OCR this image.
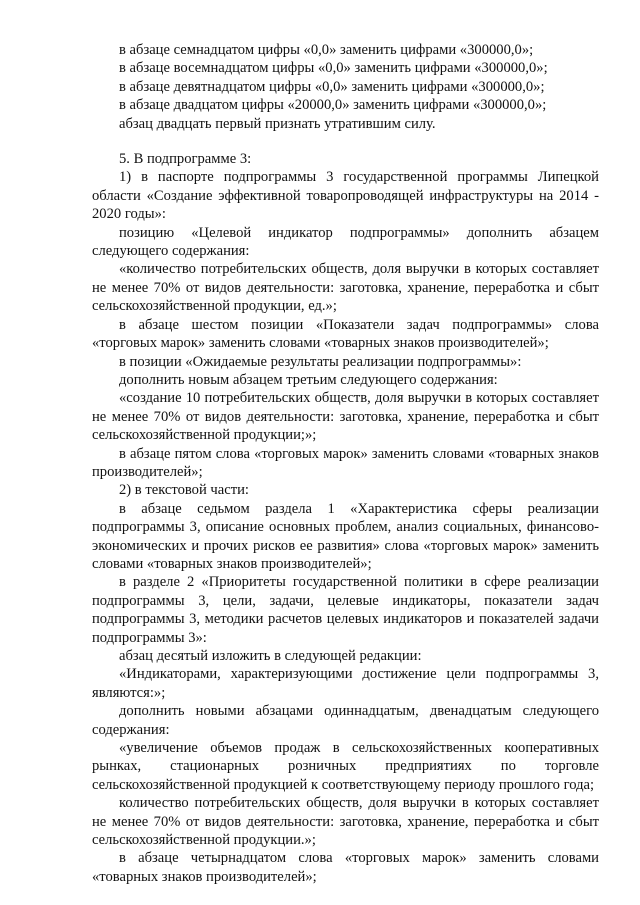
в абзаце семнадцатом цифры «0,0» заменить цифрами «300000,0»;

в абзаце восемнадцатом цифры «0,0» заменить цифрами «300000,0»;

в абзаце девятнадцатом цифры «0,0» заменить цифрами «300000,0»;

в абзаце двадцатом цифры «20000,0» заменить цифрами «300000,0»;

абзац двадцать первый признать утратившим силу.

5. В подпрограмме 3:

1) в паспорте подпрограммы 3 государственной программы Липецкой области «Создание эффективной товаропроводящей инфраструктуры на 2014 - 2020 годы»:

позицию «Целевой индикатор подпрограммы» дополнить абзацем следующего содержания:

«количество потребительских обществ, доля выручки в которых составляет не менее 70% от видов деятельности: заготовка, хранение, переработка и сбыт сельскохозяйственной продукции, ед.»;

в абзаце шестом позиции «Показатели задач подпрограммы» слова «торговых марок» заменить словами «товарных знаков производителей»;

в позиции «Ожидаемые результаты реализации подпрограммы»:

дополнить новым абзацем третьим следующего содержания:

«создание 10 потребительских обществ, доля выручки в которых составляет не менее 70% от видов деятельности: заготовка, хранение, переработка и сбыт сельскохозяйственной продукции;»;

в абзаце пятом слова «торговых марок» заменить словами «товарных знаков производителей»;

2) в текстовой части:

в абзаце седьмом раздела 1 «Характеристика сферы реализации подпрограммы 3, описание основных проблем, анализ социальных, финансово-экономических и прочих рисков ее развития» слова «торговых марок» заменить словами «товарных знаков производителей»;

в разделе 2 «Приоритеты государственной политики в сфере реализации подпрограммы 3, цели, задачи, целевые индикаторы, показатели задач подпрограммы 3, методики расчетов целевых индикаторов и показателей задачи подпрограммы 3»:

абзац десятый изложить в следующей редакции:

«Индикаторами, характеризующими достижение цели подпрограммы 3, являются:»;

дополнить новыми абзацами одиннадцатым, двенадцатым следующего содержания:

«увеличение объемов продаж в сельскохозяйственных кооперативных рынках, стационарных розничных предприятиях по торговле сельскохозяйственной продукцией к соответствующему периоду прошлого года;

количество потребительских обществ, доля выручки в которых составляет не менее 70% от видов деятельности: заготовка, хранение, переработка и сбыт сельскохозяйственной продукции.»;

в абзаце четырнадцатом слова «торговых марок» заменить словами «товарных знаков производителей»;
